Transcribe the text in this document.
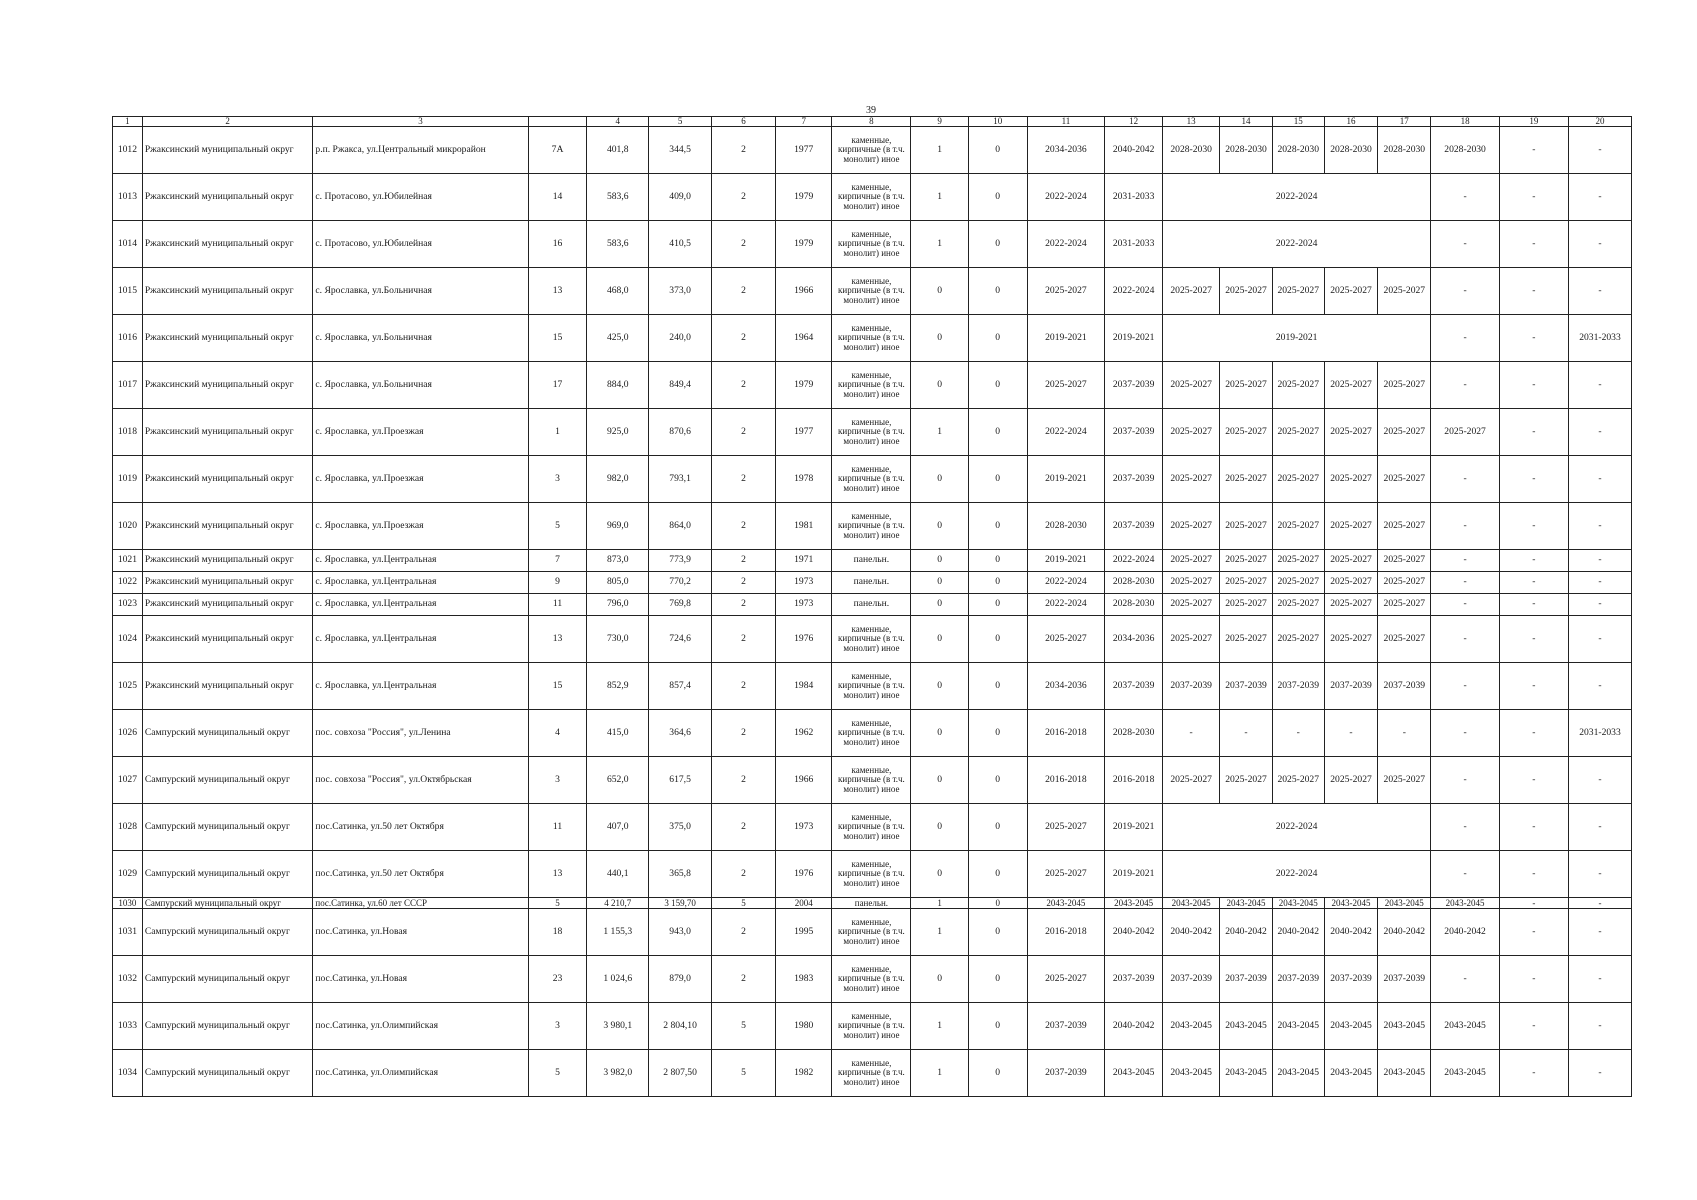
39
1	2	3		4	5	6	7	8	9	10	11	12	13	14	15	16	17	18	19	20
1012	Ржаксинский муниципальный округ	р.п. Ржакса, ул.Центральный микрорайон	7А	401,8	344,5	2	1977	каменные, кирпичные (в т.ч. монолит) иное	1	0	2034-2036	2040-2042	2028-2030	2028-2030	2028-2030	2028-2030	2028-2030	2028-2030	-	-
1013	Ржаксинский муниципальный округ	с. Протасово, ул.Юбилейная	14	583,6	409,0	2	1979	каменные, кирпичные (в т.ч. монолит) иное	1	0	2022-2024	2031-2033	2022-2024					-	-	-
1014	Ржаксинский муниципальный округ	с. Протасово, ул.Юбилейная	16	583,6	410,5	2	1979	каменные, кирпичные (в т.ч. монолит) иное	1	0	2022-2024	2031-2033	2022-2024					-	-	-
1015	Ржаксинский муниципальный округ	с. Ярославка, ул.Больничная	13	468,0	373,0	2	1966	каменные, кирпичные (в т.ч. монолит) иное	0	0	2025-2027	2022-2024	2025-2027	2025-2027	2025-2027	2025-2027	2025-2027	-	-	-
1016	Ржаксинский муниципальный округ	с. Ярославка, ул.Больничная	15	425,0	240,0	2	1964	каменные, кирпичные (в т.ч. монолит) иное	0	0	2019-2021	2019-2021	2019-2021					-	-	2031-2033
1017	Ржаксинский муниципальный округ	с. Ярославка, ул.Больничная	17	884,0	849,4	2	1979	каменные, кирпичные (в т.ч. монолит) иное	0	0	2025-2027	2037-2039	2025-2027	2025-2027	2025-2027	2025-2027	2025-2027	-	-	-
1018	Ржаксинский муниципальный округ	с. Ярославка, ул.Проезжая	1	925,0	870,6	2	1977	каменные, кирпичные (в т.ч. монолит) иное	1	0	2022-2024	2037-2039	2025-2027	2025-2027	2025-2027	2025-2027	2025-2027	2025-2027	-	-
1019	Ржаксинский муниципальный округ	с. Ярославка, ул.Проезжая	3	982,0	793,1	2	1978	каменные, кирпичные (в т.ч. монолит) иное	0	0	2019-2021	2037-2039	2025-2027	2025-2027	2025-2027	2025-2027	2025-2027	-	-	-
1020	Ржаксинский муниципальный округ	с. Ярославка, ул.Проезжая	5	969,0	864,0	2	1981	каменные, кирпичные (в т.ч. монолит) иное	0	0	2028-2030	2037-2039	2025-2027	2025-2027	2025-2027	2025-2027	2025-2027	-	-	-
1021	Ржаксинский муниципальный округ	с. Ярославка, ул.Центральная	7	873,0	773,9	2	1971	панельн.	0	0	2019-2021	2022-2024	2025-2027	2025-2027	2025-2027	2025-2027	2025-2027	-	-	-
1022	Ржаксинский муниципальный округ	с. Ярославка, ул.Центральная	9	805,0	770,2	2	1973	панельн.	0	0	2022-2024	2028-2030	2025-2027	2025-2027	2025-2027	2025-2027	2025-2027	-	-	-
1023	Ржаксинский муниципальный округ	с. Ярославка, ул.Центральная	11	796,0	769,8	2	1973	панельн.	0	0	2022-2024	2028-2030	2025-2027	2025-2027	2025-2027	2025-2027	2025-2027	-	-	-
1024	Ржаксинский муниципальный округ	с. Ярославка, ул.Центральная	13	730,0	724,6	2	1976	каменные, кирпичные (в т.ч. монолит) иное	0	0	2025-2027	2034-2036	2025-2027	2025-2027	2025-2027	2025-2027	2025-2027	-	-	-
1025	Ржаксинский муниципальный округ	с. Ярославка, ул.Центральная	15	852,9	857,4	2	1984	каменные, кирпичные (в т.ч. монолит) иное	0	0	2034-2036	2037-2039	2037-2039	2037-2039	2037-2039	2037-2039	2037-2039	-	-	-
1026	Сампурский муниципальный округ	пос. совхоза "Россия", ул.Ленина	4	415,0	364,6	2	1962	каменные, кирпичные (в т.ч. монолит) иное	0	0	2016-2018	2028-2030	-	-	-	-	-	-	-	2031-2033
1027	Сампурский муниципальный округ	пос. совхоза "Россия", ул.Октябрьская	3	652,0	617,5	2	1966	каменные, кирпичные (в т.ч. монолит) иное	0	0	2016-2018	2016-2018	2025-2027	2025-2027	2025-2027	2025-2027	2025-2027	-	-	-
1028	Сампурский муниципальный округ	пос.Сатинка, ул.50 лет Октября	11	407,0	375,0	2	1973	каменные, кирпичные (в т.ч. монолит) иное	0	0	2025-2027	2019-2021	2022-2024					-	-	-
1029	Сампурский муниципальный округ	пос.Сатинка, ул.50 лет Октября	13	440,1	365,8	2	1976	каменные, кирпичные (в т.ч. монолит) иное	0	0	2025-2027	2019-2021	2022-2024					-	-	-
1030	Сампурский муниципальный округ	пос.Сатинка, ул.60 лет СССР	5	4 210,7	3 159,70	5	2004	панельн.	1	0	2043-2045	2043-2045	2043-2045	2043-2045	2043-2045	2043-2045	2043-2045	2043-2045	-	-
1031	Сампурский муниципальный округ	пос.Сатинка, ул.Новая	18	1 155,3	943,0	2	1995	каменные, кирпичные (в т.ч. монолит) иное	1	0	2016-2018	2040-2042	2040-2042	2040-2042	2040-2042	2040-2042	2040-2042	2040-2042	-	-
1032	Сампурский муниципальный округ	пос.Сатинка, ул.Новая	23	1 024,6	879,0	2	1983	каменные, кирпичные (в т.ч. монолит) иное	0	0	2025-2027	2037-2039	2037-2039	2037-2039	2037-2039	2037-2039	2037-2039	-	-	-
1033	Сампурский муниципальный округ	пос.Сатинка, ул.Олимпийская	3	3 980,1	2 804,10	5	1980	каменные, кирпичные (в т.ч. монолит) иное	1	0	2037-2039	2040-2042	2043-2045	2043-2045	2043-2045	2043-2045	2043-2045	2043-2045	-	-
1034	Сампурский муниципальный округ	пос.Сатинка, ул.Олимпийская	5	3 982,0	2 807,50	5	1982	каменные, кирпичные (в т.ч. монолит) иное	1	0	2037-2039	2043-2045	2043-2045	2043-2045	2043-2045	2043-2045	2043-2045	2043-2045	-	-
